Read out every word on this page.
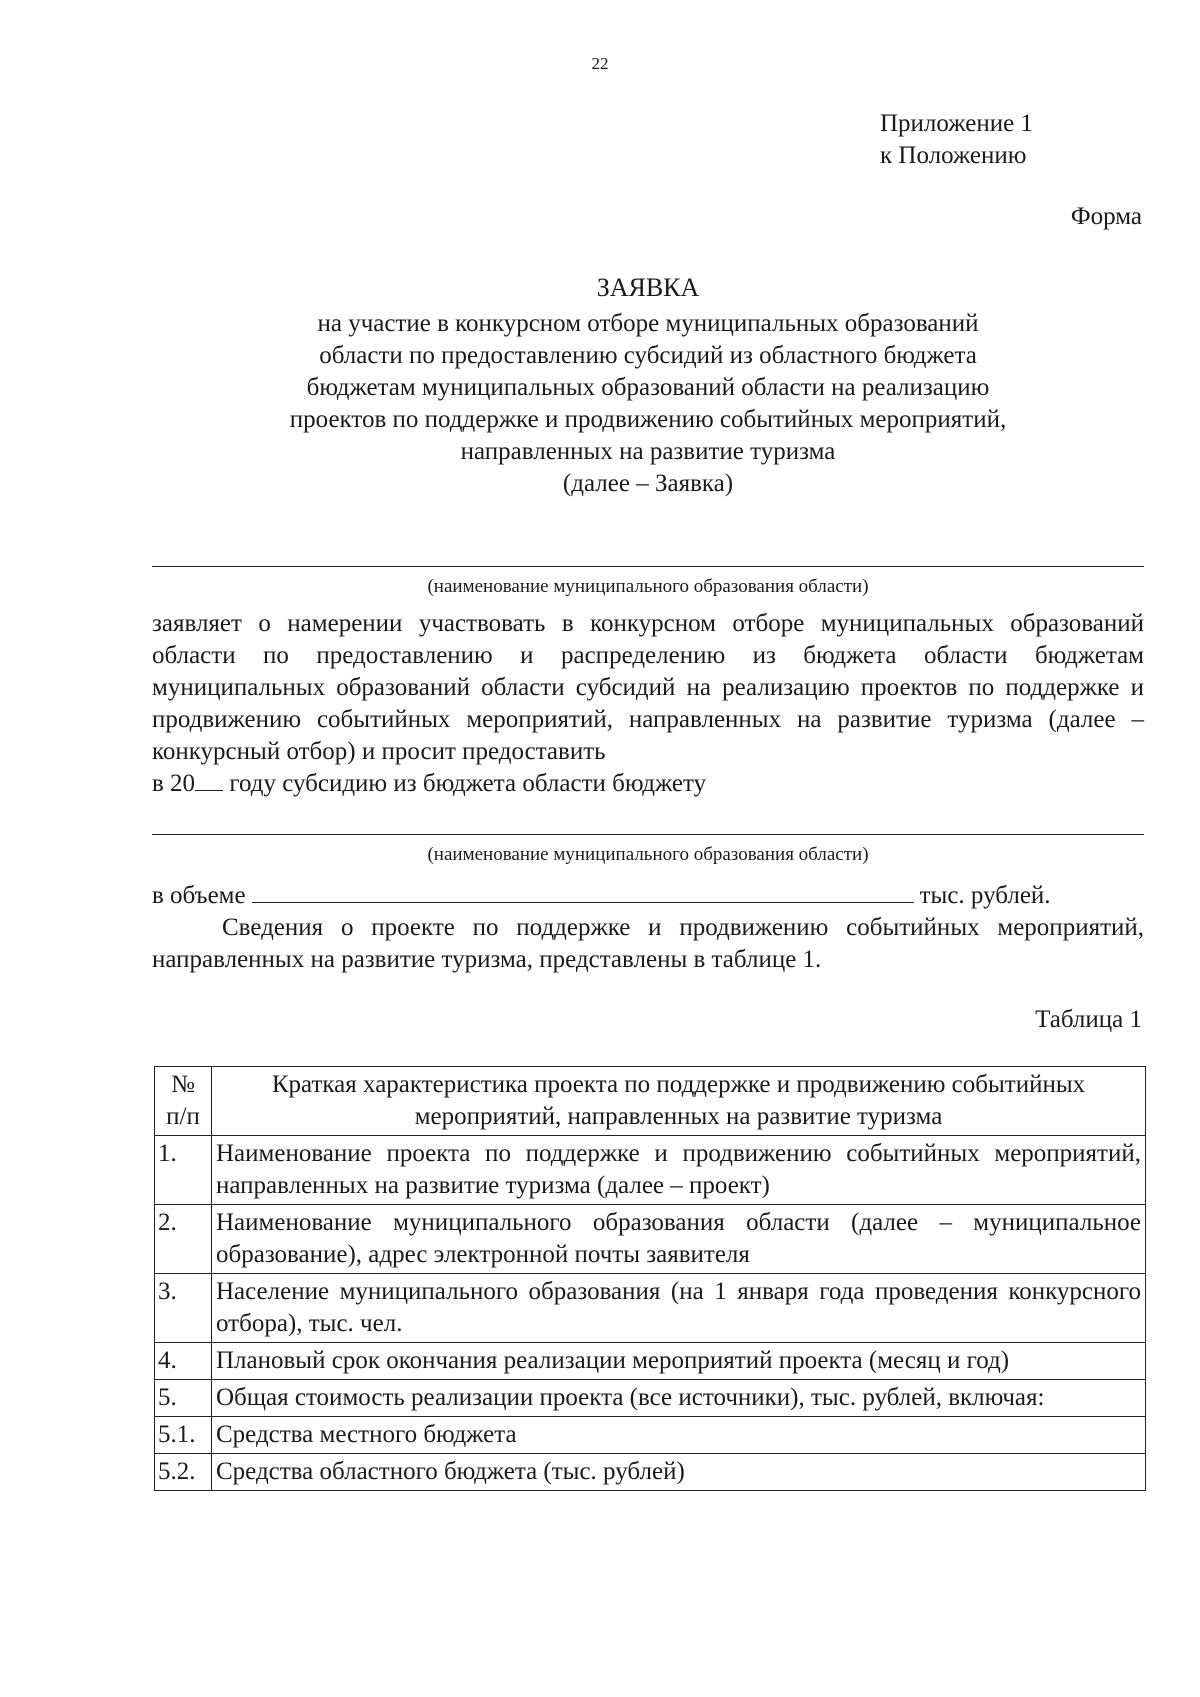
22
Приложение 1
к Положению
Форма
ЗАЯВКА
на участие в конкурсном отборе муниципальных образований
области по предоставлению субсидий из областного бюджета
бюджетам муниципальных образований области на реализацию
проектов по поддержке и продвижению событийных мероприятий,
направленных на развитие туризма
(далее – Заявка)
(наименование муниципального образования области)
заявляет о намерении участвовать в конкурсном отборе муниципальных образований области по предоставлению и распределению из бюджета области бюджетам муниципальных образований области субсидий на реализацию проектов по поддержке и продвижению событийных мероприятий, направленных на развитие туризма (далее – конкурсный отбор) и просит предоставить
в 20 году субсидию из бюджета области бюджету
(наименование муниципального образования области)
в объеме	тыс. рублей.
Сведения о проекте по поддержке и продвижению событийных мероприятий, направленных на развитие туризма, представлены в таблице 1.
Таблица 1
№ п/п	Краткая характеристика проекта по поддержке и продвижению событийных мероприятий, направленных на развитие туризма
1.	Наименование проекта по поддержке и продвижению событийных мероприятий, направленных на развитие туризма (далее – проект)
2.	Наименование муниципального образования области (далее – муниципальное образование), адрес электронной почты заявителя
3.	Население муниципального образования (на 1 января года проведения конкурсного отбора), тыс. чел.
4.	Плановый срок окончания реализации мероприятий проекта (месяц и год)
5.	Общая стоимость реализации проекта (все источники), тыс. рублей, включая:
5.1.	Средства местного бюджета
5.2.	Средства областного бюджета (тыс. рублей)
